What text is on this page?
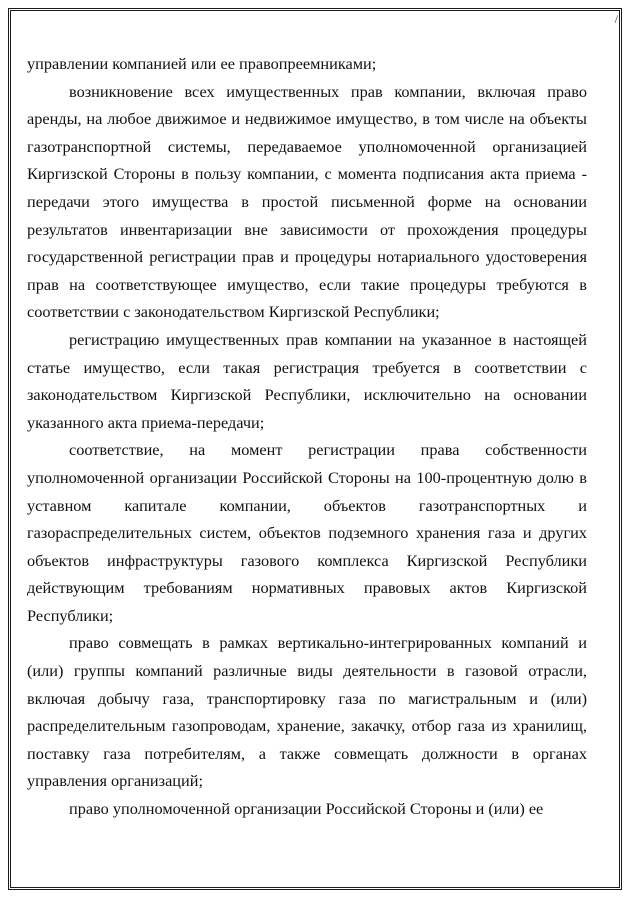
/

управлении компанией или ее правопреемниками;

возникновение всех имущественных прав компании, включая право аренды, на любое движимое и недвижимое имущество, в том числе на объекты газотранспортной системы, передаваемое уполномоченной организацией Киргизской Стороны в пользу компании, с момента подписания акта приема - передачи этого имущества в простой письменной форме на основании результатов инвентаризации вне зависимости от прохождения процедуры государственной регистрации прав и процедуры нотариального удостоверения прав на соответствующее имущество, если такие процедуры требуются в соответствии с законодательством Киргизской Республики;

регистрацию имущественных прав компании на указанное в настоящей статье имущество, если такая регистрация требуется в соответствии с законодательством Киргизской Республики, исключительно на основании указанного акта приема-передачи;

соответствие, на момент регистрации права собственности уполномоченной организации Российской Стороны на 100-процентную долю в уставном капитале компании, объектов газотранспортных и газораспределительных систем, объектов подземного хранения газа и других объектов инфраструктуры газового комплекса Киргизской Республики действующим требованиям нормативных правовых актов Киргизской Республики;

право совмещать в рамках вертикально-интегрированных компаний и (или) группы компаний различные виды деятельности в газовой отрасли, включая добычу газа, транспортировку газа по магистральным и (или) распределительным газопроводам, хранение, закачку, отбор газа из хранилищ, поставку газа потребителям, а также совмещать должности в органах управления организаций;

право уполномоченной организации Российской Стороны и (или) ее
